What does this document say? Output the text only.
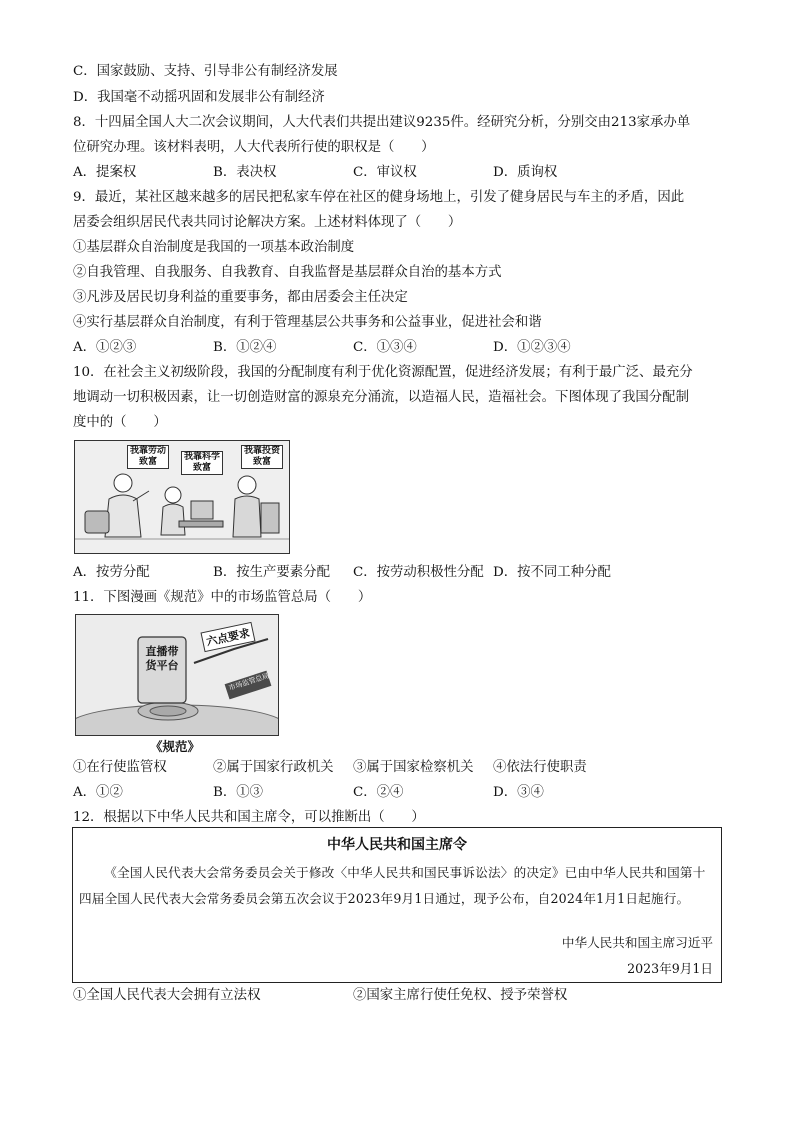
C．国家鼓励、支持、引导非公有制经济发展
D．我国毫不动摇巩固和发展非公有制经济
8．十四届全国人大二次会议期间，人大代表们共提出建议9235件。经研究分析，分别交由213家承办单
位研究办理。该材料表明，人大代表所行使的职权是（　　）
A．提案权	B．表决权	C．审议权	D．质询权
9．最近，某社区越来越多的居民把私家车停在社区的健身场地上，引发了健身居民与车主的矛盾，因此
居委会组织居民代表共同讨论解决方案。上述材料体现了（　　）
①基层群众自治制度是我国的一项基本政治制度
②自我管理、自我服务、自我教育、自我监督是基层群众自治的基本方式
③凡涉及居民切身利益的重要事务，都由居委会主任决定
④实行基层群众自治制度，有利于管理基层公共事务和公益事业，促进社会和谐
A．①②③	B．①②④	C．①③④	D．①②③④
10．在社会主义初级阶段，我国的分配制度有利于优化资源配置，促进经济发展；有利于最广泛、最充分
地调动一切积极因素，让一切创造财富的源泉充分涌流，以造福人民，造福社会。下图体现了我国分配制
度中的（　　）
我靠劳动致富	我靠科学致富
我靠投资致富
A．按劳分配	B．按生产要素分配 C．按劳动积极性分配 D．按不同工种分配
11．下图漫画《规范》中的市场监管总局（　　）
直播带货平台
六点要求
市场监管总局
《规范》
①在行使监管权	②属于国家行政机关 ③属于国家检察机关 ④依法行使职责
A．①②	B．①③	C．②④	D．③④
12．根据以下中华人民共和国主席令，可以推断出（　　）
中华人民共和国主席令
《全国人民代表大会常务委员会关于修改〈中华人民共和国民事诉讼法〉的决定》已由中华人民共和国第十四届全国人民代表大会常务委员会第五次会议于2023年9月1日通过，现予公布，自2024年1月1日起施行。
中华人民共和国主席习近平
2023年9月1日
①全国人民代表大会拥有立法权	②国家主席行使任免权、授予荣誉权
